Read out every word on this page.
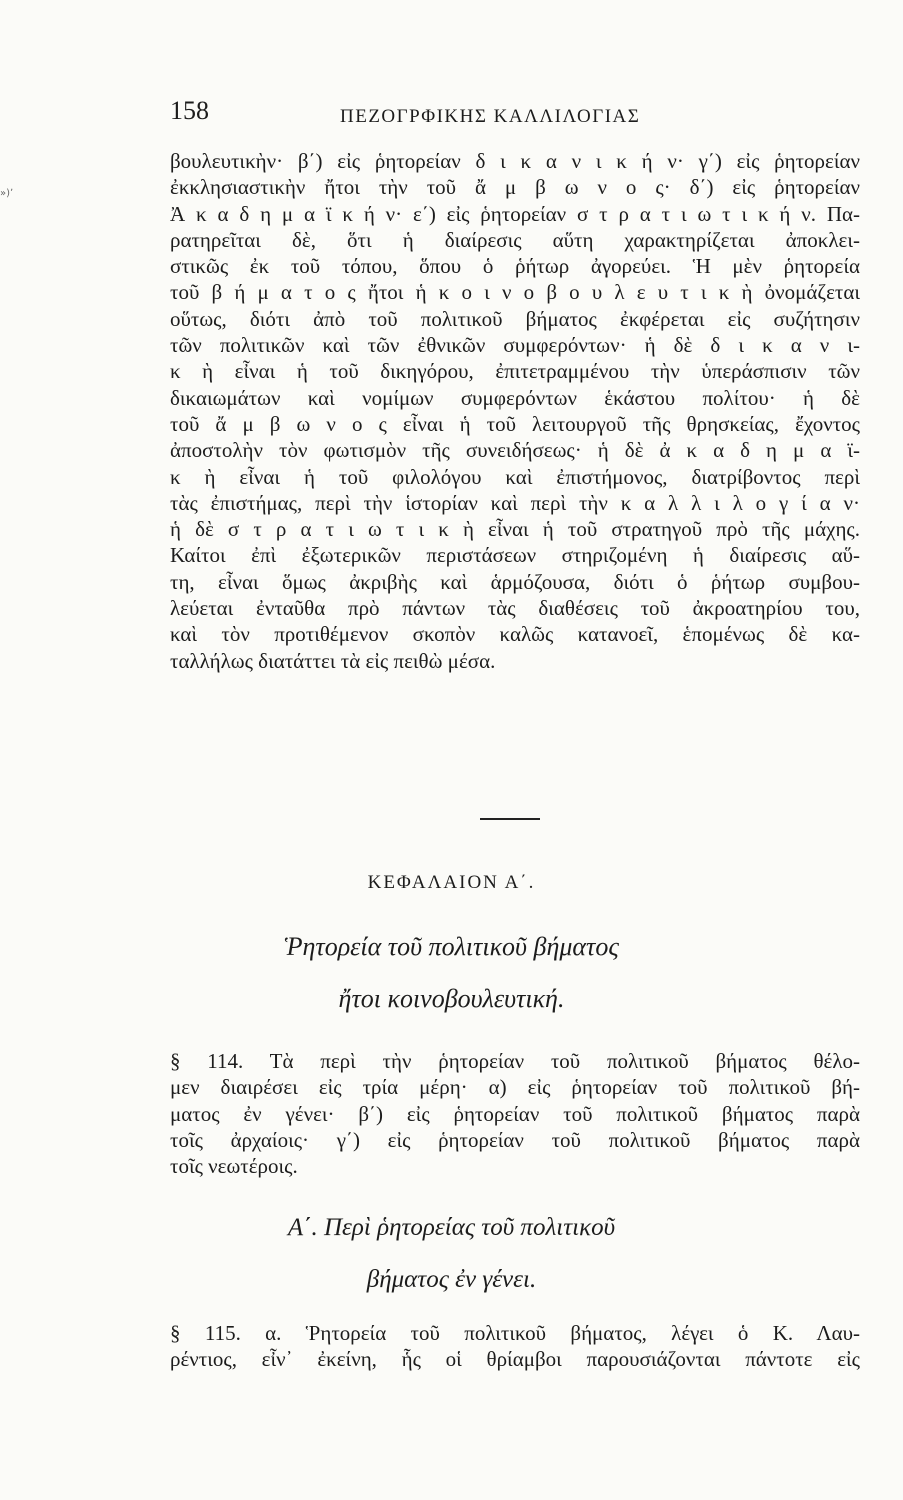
»)ʼ
158	ΠΕΖΟΓΡΦΙΚΗΣ ΚΑΛΛΙΛΟΓΙΑΣ
βουλευτικὴν· β΄) εἰς ῥητορείαν δ ι κ α ν ι κ ή ν· γ΄) εἰς ῥητορείαν
ἐκκλησιαστικὴν ἤτοι τὴν τοῦ ἄ μ β ω ν ο ς· δ΄) εἰς ῥητορείαν
Ἀ κ α δ η μ α ϊ κ ή ν· ε΄) εἰς ῥητορείαν σ τ ρ α τ ι ω τ ι κ ή ν. Πα-
ρατηρεῖται δὲ, ὅτι ἡ διαίρεσις αὕτη χαρακτηρίζεται ἀποκλει-
στικῶς ἐκ τοῦ τόπου, ὅπου ὁ ῥήτωρ ἀγορεύει. Ἡ μὲν ῥητορεία
τοῦ β ή μ α τ ο ς ἤτοι ἡ κ ο ι ν ο β ο υ λ ε υ τ ι κ ὴ ὀνομάζεται
οὕτως, διότι ἀπὸ τοῦ πολιτικοῦ βήματος ἐκφέρεται εἰς συζήτησιν
τῶν πολιτικῶν καὶ τῶν ἐθνικῶν συμφερόντων· ἡ δὲ δ ι κ α ν ι-
κ ὴ εἶναι ἡ τοῦ δικηγόρου, ἐπιτετραμμένου τὴν ὑπεράσπισιν τῶν
δικαιωμάτων καὶ νομίμων συμφερόντων ἑκάστου πολίτου· ἡ δὲ
τοῦ ἄ μ β ω ν ο ς εἶναι ἡ τοῦ λειτουργοῦ τῆς θρησκείας, ἔχοντος
ἀποστολὴν τὸν φωτισμὸν τῆς συνειδήσεως· ἡ δὲ ἀ κ α δ η μ α ϊ-
κ ὴ εἶναι ἡ τοῦ φιλολόγου καὶ ἐπιστήμονος, διατρίβοντος περὶ
τὰς ἐπιστήμας, περὶ τὴν ἱστορίαν καὶ περὶ τὴν κ α λ λ ι λ ο γ ί α ν·
ἡ δὲ σ τ ρ α τ ι ω τ ι κ ὴ εἶναι ἡ τοῦ στρατηγοῦ πρὸ τῆς μάχης.
Καίτοι ἐπὶ ἐξωτερικῶν περιστάσεων στηριζομένη ἡ διαίρεσις αὕ-
τη, εἶναι ὅμως ἀκριβὴς καὶ ἁρμόζουσα, διότι ὁ ῥήτωρ συμβου-
λεύεται ἐνταῦθα πρὸ πάντων τὰς διαθέσεις τοῦ ἀκροατηρίου του,
καὶ τὸν προτιθέμενον σκοπὸν καλῶς κατανοεῖ, ἑπομένως δὲ κα-
ταλλήλως διατάττει τὰ εἰς πειθὼ μέσα.
ΚΕΦΑΛΑΙΟΝ Α΄.
Ῥητορεία τοῦ πολιτικοῦ βήματος
ἤτοι κοινοβουλευτική.
§ 114. Τὰ περὶ τὴν ῥητορείαν τοῦ πολιτικοῦ βήματος θέλο-
μεν διαιρέσει εἰς τρία μέρη· α) εἰς ῥητορείαν τοῦ πολιτικοῦ βή-
ματος ἐν γένει· β΄) εἰς ῥητορείαν τοῦ πολιτικοῦ βήματος παρὰ
τοῖς ἀρχαίοις· γ΄) εἰς ῥητορείαν τοῦ πολιτικοῦ βήματος παρὰ
τοῖς νεωτέροις.
Α΄. Περὶ ῥητορείας τοῦ πολιτικοῦ
βήματος ἐν γένει.
§ 115. α. Ῥητορεία τοῦ πολιτικοῦ βήματος, λέγει ὁ Κ. Λαυ-
ρέντιος, εἶν᾿ ἐκείνη, ἧς οἱ θρίαμβοι παρουσιάζονται πάντοτε εἰς
